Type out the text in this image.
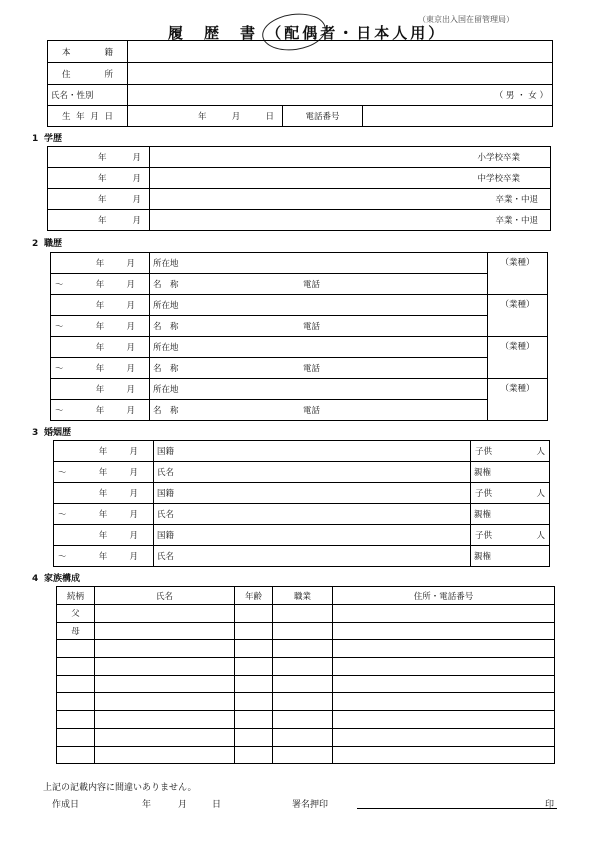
履　歴　書 （配偶者・日本人用）
（東京出入国在留管理局）
本　籍			
住　所			
氏名・性別	（ 男 ・ 女 ）		
生 年 月 日	年 月 日	電話番号	
1 学歴
年 月	小学校卒業

年 月	中学校卒業

年 月	卒業・中退

年 月	卒業・中退
2 職歴
年 月	所在地	（業種）

～ 年 月	名　称 電話	

年 月	所在地	（業種）

～ 年 月	名　称 電話	

年 月	所在地	（業種）

～ 年 月	名　称 電話	

年 月	所在地	（業種）

～ 年 月	名　称 電話	
3 婚姻歴
年 月	国籍	子供 人

～ 年 月	氏名	親権

年 月	国籍	子供 人

～ 年 月	氏名	親権

年 月	国籍	子供 人

～ 年 月	氏名	親権
4 家族構成
続柄	氏名	年齢	職業	住所・電話番号
父				
母				

上記の記載内容に間違いありません。
作成日	年	月	日	署名押印	印
